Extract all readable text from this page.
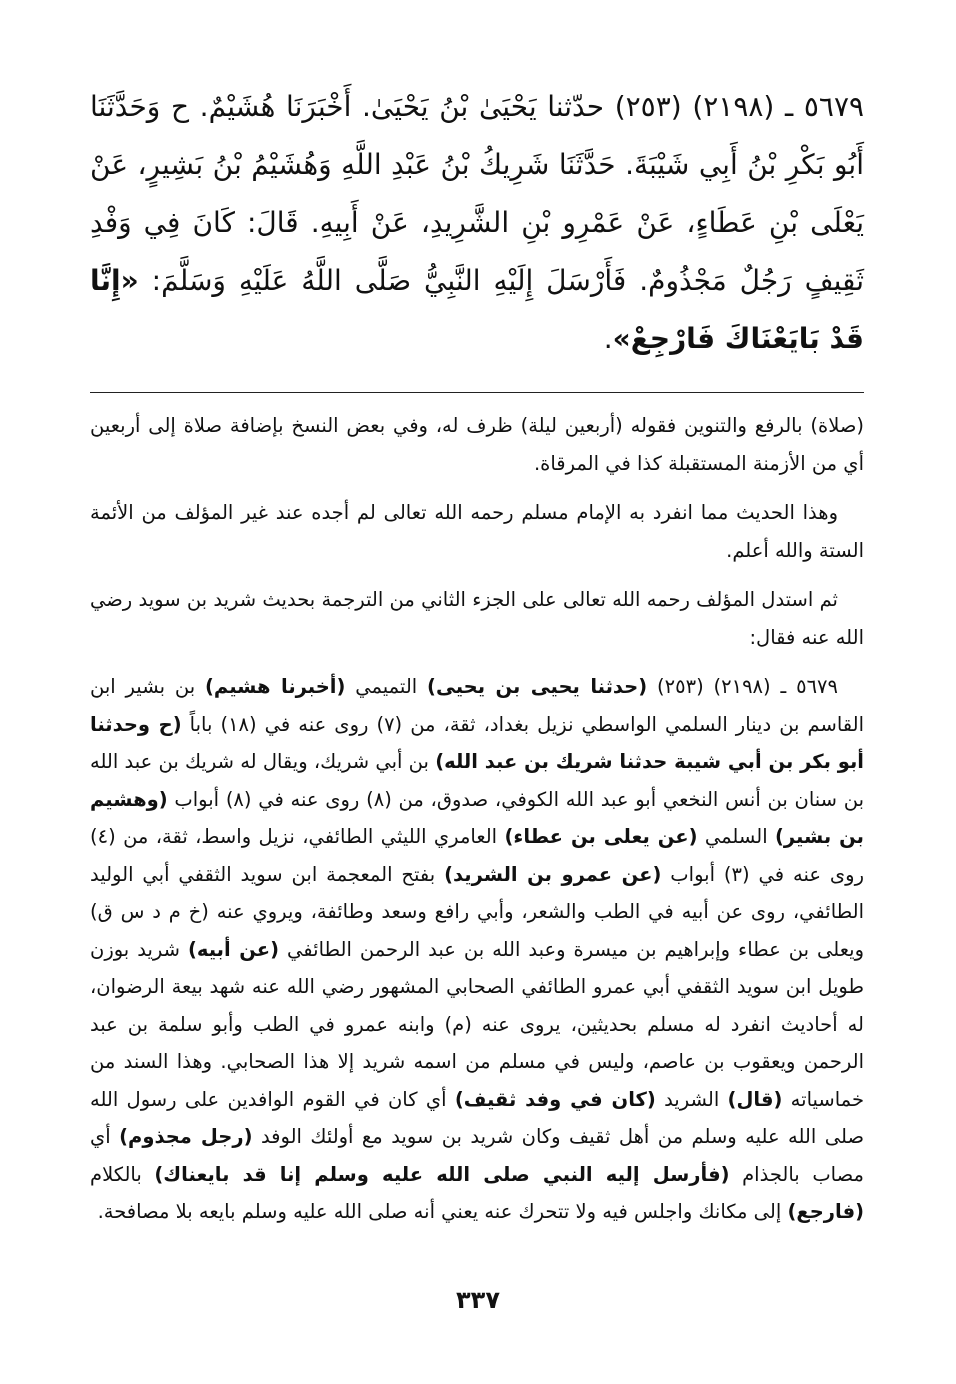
٥٦٧٩ ـ (٢١٩٨) (٢٥٣) حدّثنا يَحْيَىٰ بْنُ يَحْيَىٰ. أَخْبَرَنَا هُشَيْمٌ. ح وَحَدَّثَنَا أَبُو بَكْرِ بْنُ أَبِي شَيْبَةَ. حَدَّثَنَا شَرِيكُ بْنُ عَبْدِ اللَّهِ وَهُشَيْمُ بْنُ بَشِيرٍ، عَنْ يَعْلَى بْنِ عَطَاءٍ، عَنْ عَمْرِو بْنِ الشَّرِيدِ، عَنْ أَبِيهِ. قَالَ: كَانَ فِي وَفْدِ ثَقِيفٍ رَجُلٌ مَجْذُومٌ. فَأَرْسَلَ إِلَيْهِ النَّبِيُّ صَلَّى اللَّهُ عَلَيْهِ وَسَلَّمَ: «إِنَّا قَدْ بَايَعْنَاكَ فَارْجِعْ».

(صلاة) بالرفع والتنوين فقوله (أربعين ليلة) ظرف له، وفي بعض النسخ بإضافة صلاة إلى أربعين أي من الأزمنة المستقبلة كذا في المرقاة.

وهذا الحديث مما انفرد به الإمام مسلم رحمه الله تعالى لم أجده عند غير المؤلف من الأئمة الستة والله أعلم.

ثم استدل المؤلف رحمه الله تعالى على الجزء الثاني من الترجمة بحديث شريد بن سويد رضي الله عنه فقال:

٥٦٧٩ ـ (٢١٩٨) (٢٥٣) (حدثنا يحيى بن يحيى) التميمي (أخبرنا هشيم) بن بشير ابن القاسم بن دينار السلمي الواسطي نزيل بغداد، ثقة، من (٧) روى عنه في (١٨) باباً (ح وحدثنا أبو بكر بن أبي شيبة حدثنا شريك بن عبد الله) بن أبي شريك، ويقال له شريك بن عبد الله بن سنان بن أنس النخعي أبو عبد الله الكوفي، صدوق، من (٨) روى عنه في (٨) أبواب (وهشيم بن بشير) السلمي (عن يعلى بن عطاء) العامري الليثي الطائفي، نزيل واسط، ثقة، من (٤) روى عنه في (٣) أبواب (عن عمرو بن الشريد) بفتح المعجمة ابن سويد الثقفي أبي الوليد الطائفي، روى عن أبيه في الطب والشعر، وأبي رافع وسعد وطائفة، ويروي عنه (خ م د س ق) ويعلى بن عطاء وإبراهيم بن ميسرة وعبد الله بن عبد الرحمن الطائفي (عن أبيه) شريد بوزن طويل ابن سويد الثقفي أبي عمرو الطائفي الصحابي المشهور رضي الله عنه شهد بيعة الرضوان، له أحاديث انفرد له مسلم بحديثين، يروى عنه (م) وابنه عمرو في الطب وأبو سلمة بن عبد الرحمن ويعقوب بن عاصم، وليس في مسلم من اسمه شريد إلا هذا الصحابي. وهذا السند من خماسياته (قال) الشريد (كان في وفد ثقيف) أي كان في القوم الوافدين على رسول الله صلى الله عليه وسلم من أهل ثقيف وكان شريد بن سويد مع أولئك الوفد (رجل مجذوم) أي مصاب بالجذام (فأرسل إليه النبي صلى الله عليه وسلم إنا قد بايعناك) بالكلام (فارجع) إلى مكانك واجلس فيه ولا تتحرك عنه يعني أنه صلى الله عليه وسلم بايعه بلا مصافحة.

٣٣٧
